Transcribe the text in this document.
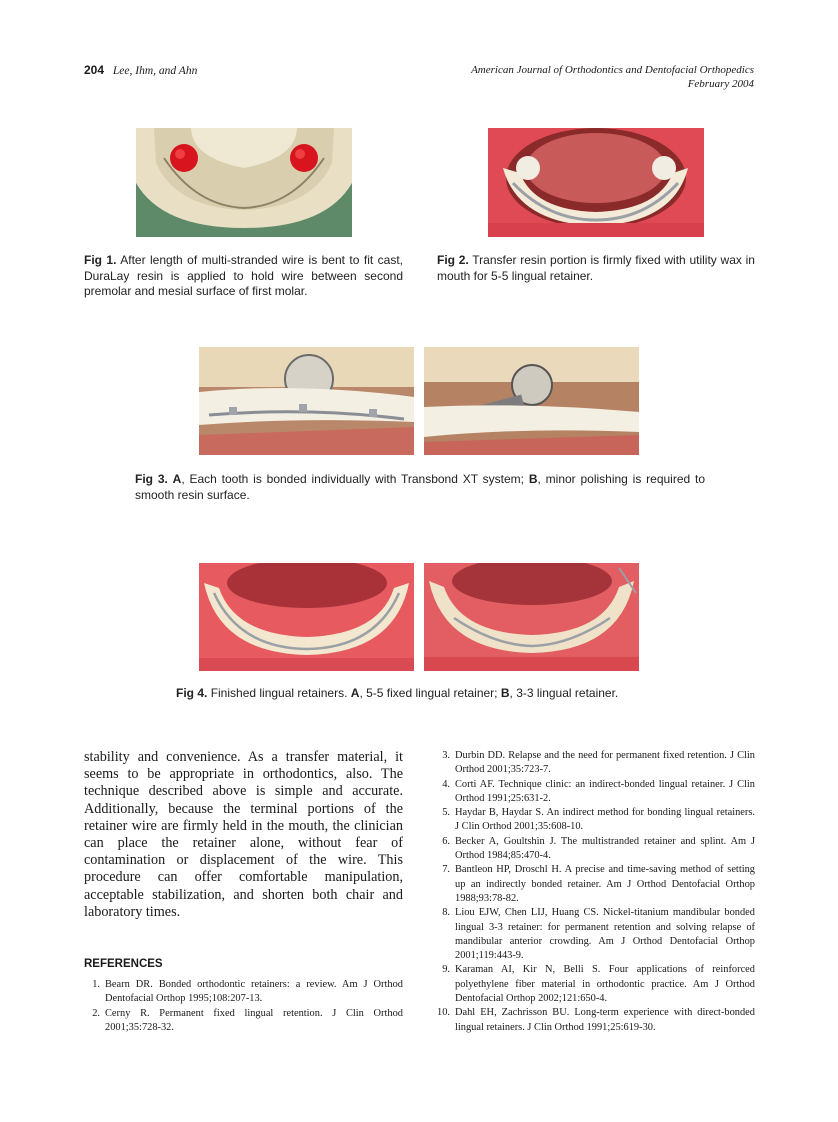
204 Lee, Ihm, and Ahn	American Journal of Orthodontics and Dentofacial Orthopedics
February 2004
Fig 1. After length of multi-stranded wire is bent to fit cast, DuraLay resin is applied to hold wire between second premolar and mesial surface of first molar.
Fig 2. Transfer resin portion is firmly fixed with utility wax in mouth for 5-5 lingual retainer.
Fig 3. A, Each tooth is bonded individually with Transbond XT system; B, minor polishing is required to smooth resin surface.
Fig 4. Finished lingual retainers. A, 5-5 fixed lingual retainer; B, 3-3 lingual retainer.
stability and convenience. As a transfer material, it seems to be appropriate in orthodontics, also. The technique described above is simple and accurate. Additionally, because the terminal portions of the retainer wire are firmly held in the mouth, the clinician can place the retainer alone, without fear of contamination or displacement of the wire. This procedure can offer comfortable manipulation, acceptable stabilization, and shorten both chair and laboratory times.
REFERENCES
1. Bearn DR. Bonded orthodontic retainers: a review. Am J Orthod Dentofacial Orthop 1995;108:207-13.
2. Cerny R. Permanent fixed lingual retention. J Clin Orthod 2001;35:728-32.
3. Durbin DD. Relapse and the need for permanent fixed retention. J Clin Orthod 2001;35:723-7.
4. Corti AF. Technique clinic: an indirect-bonded lingual retainer. J Clin Orthod 1991;25:631-2.
5. Haydar B, Haydar S. An indirect method for bonding lingual retainers. J Clin Orthod 2001;35:608-10.
6. Becker A, Goultshin J. The multistranded retainer and splint. Am J Orthod 1984;85:470-4.
7. Bantleon HP, Droschl H. A precise and time-saving method of setting up an indirectly bonded retainer. Am J Orthod Dentofacial Orthop 1988;93:78-82.
8. Liou EJW, Chen LIJ, Huang CS. Nickel-titanium mandibular bonded lingual 3-3 retainer: for permanent retention and solving relapse of mandibular anterior crowding. Am J Orthod Dentofacial Orthop 2001;119:443-9.
9. Karaman AI, Kir N, Belli S. Four applications of reinforced polyethylene fiber material in orthodontic practice. Am J Orthod Dentofacial Orthop 2002;121:650-4.
10. Dahl EH, Zachrisson BU. Long-term experience with direct-bonded lingual retainers. J Clin Orthod 1991;25:619-30.
